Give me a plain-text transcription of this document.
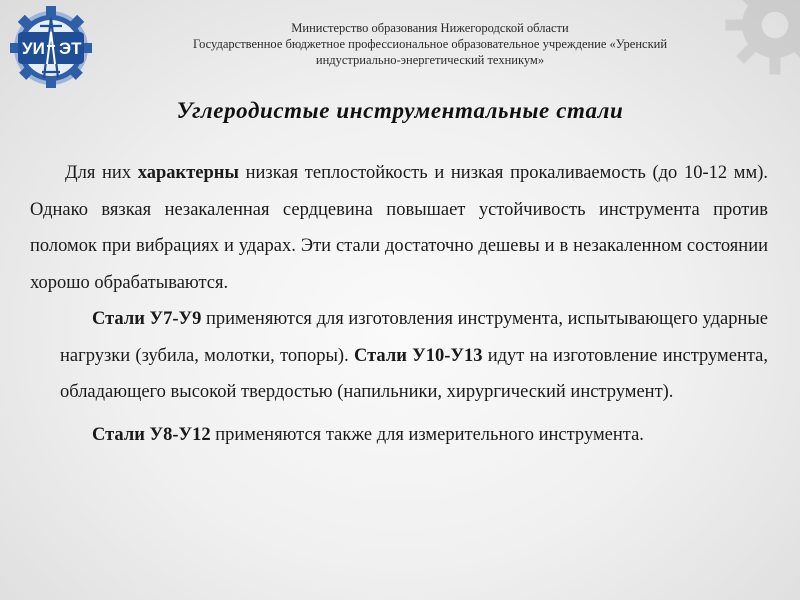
УИ ЭТ
Министерство образования Нижегородской области
Государственное бюджетное профессиональное образовательное учреждение «Уренский
индустриально-энергетический техникум»
Углеродистые инструментальные стали

Для них характерны низкая теплостойкость и низкая прокаливаемость (до 10-12 мм). Однако вязкая незакаленная сердцевина повышает устойчивость инструмента против поломок при вибрациях и ударах. Эти стали достаточно дешевы и в незакаленном состоянии хорошо обрабатываются.

Стали У7-У9 применяются для изготовления инструмента, испытывающего ударные нагрузки (зубила, молотки, топоры). Стали У10-У13 идут на изготовление инструмента, обладающего высокой твердостью (напильники, хирургический инструмент).

Стали У8-У12 применяются также для измерительного инструмента.
